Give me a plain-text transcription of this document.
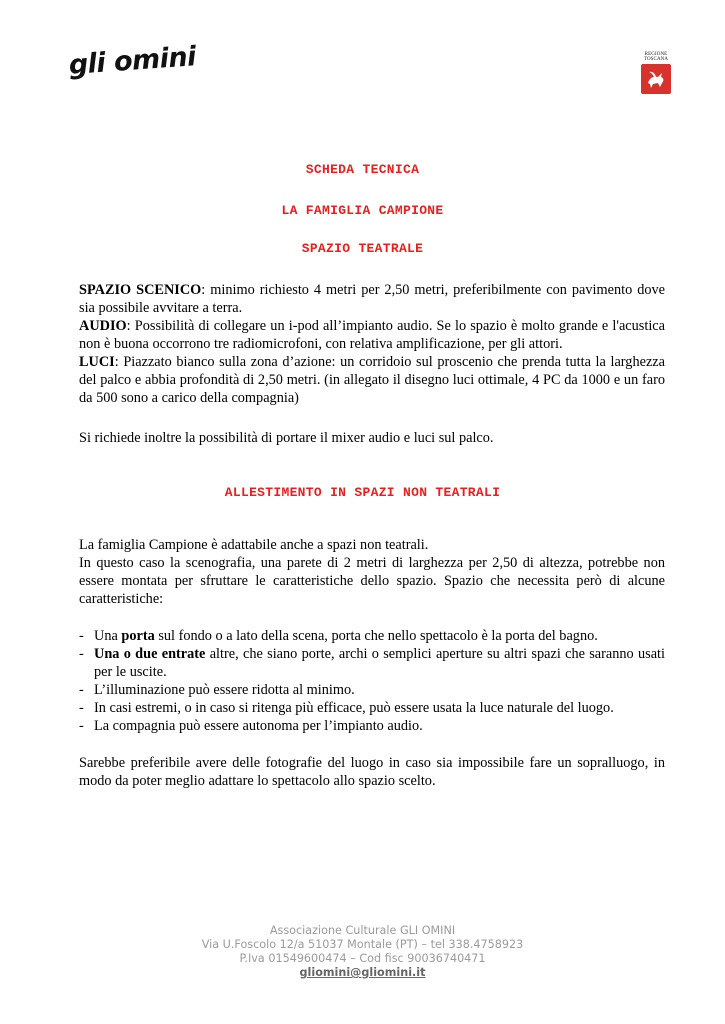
gli omini	REGIONE
TOSCANA
SCHEDA TECNICA
LA FAMIGLIA CAMPIONE
SPAZIO TEATRALE

SPAZIO SCENICO: minimo richiesto 4 metri per 2,50 metri, preferibilmente con pavimento dove sia possibile avvitare a terra.

AUDIO: Possibilità di collegare un i-pod all’impianto audio. Se lo spazio è molto grande e l'acustica non è buona occorrono tre radiomicrofoni, con relativa amplificazione, per gli attori.

LUCI: Piazzato bianco sulla zona d’azione: un corridoio sul proscenio che prenda tutta la larghezza del palco e abbia profondità di 2,50 metri. (in allegato il disegno luci ottimale, 4 PC da 1000 e un faro da 500 sono a carico della compagnia)

Si richiede inoltre la possibilità di portare il mixer audio e luci sul palco.
ALLESTIMENTO IN SPAZI NON TEATRALI

La famiglia Campione è adattabile anche a spazi non teatrali.

In questo caso la scenografia, una parete di 2 metri di larghezza per 2,50 di altezza, potrebbe non essere montata per sfruttare le caratteristiche dello spazio. Spazio che necessita però di alcune caratteristiche:

- Una porta sul fondo o a lato della scena, porta che nello spettacolo è la porta del bagno.
- Una o due entrate altre, che siano porte, archi o semplici aperture su altri spazi che saranno usati per le uscite.
- L’illuminazione può essere ridotta al minimo.
- In casi estremi, o in caso si ritenga più efficace, può essere usata la luce naturale del luogo.
- La compagnia può essere autonoma per l’impianto audio.
Sarebbe preferibile avere delle fotografie del luogo in caso sia impossibile fare un sopralluogo, in modo da poter meglio adattare lo spettacolo allo spazio scelto.
Associazione Culturale GLI OMINI
Via U.Foscolo 12/a 51037 Montale (PT) – tel 338.4758923
P.Iva 01549600474 – Cod fisc 90036740471
gliomini@gliomini.it
